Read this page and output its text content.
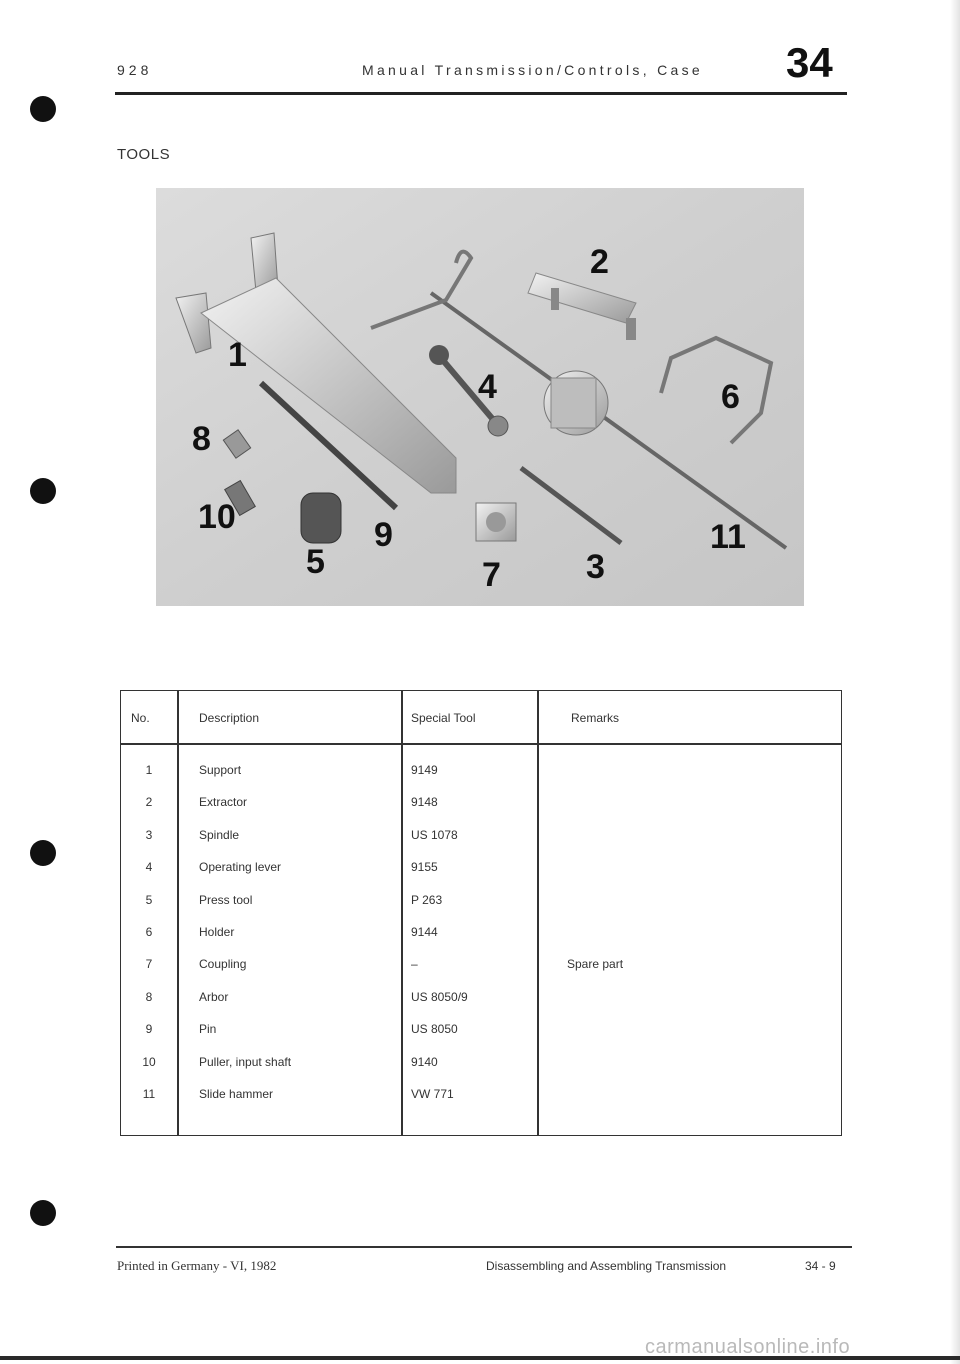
928	Manual Transmission/Controls, Case 34
TOOLS
1
2
3
4
5
6
7
8
9
10
11
No.	Description	Special Tool	Remarks
1	Support	9149
2	Extractor	9148
3	Spindle	US 1078
4	Operating lever	9155
5	Press tool	P 263
6	Holder	9144
7	Coupling	–	Spare part
8	Arbor	US 8050/9
9	Pin	US 8050
10	Puller, input shaft	9140
11	Slide hammer	VW 771
Printed in Germany - VI, 1982	Disassembling and Assembling Transmission	34 - 9
carmanualsonline.info
